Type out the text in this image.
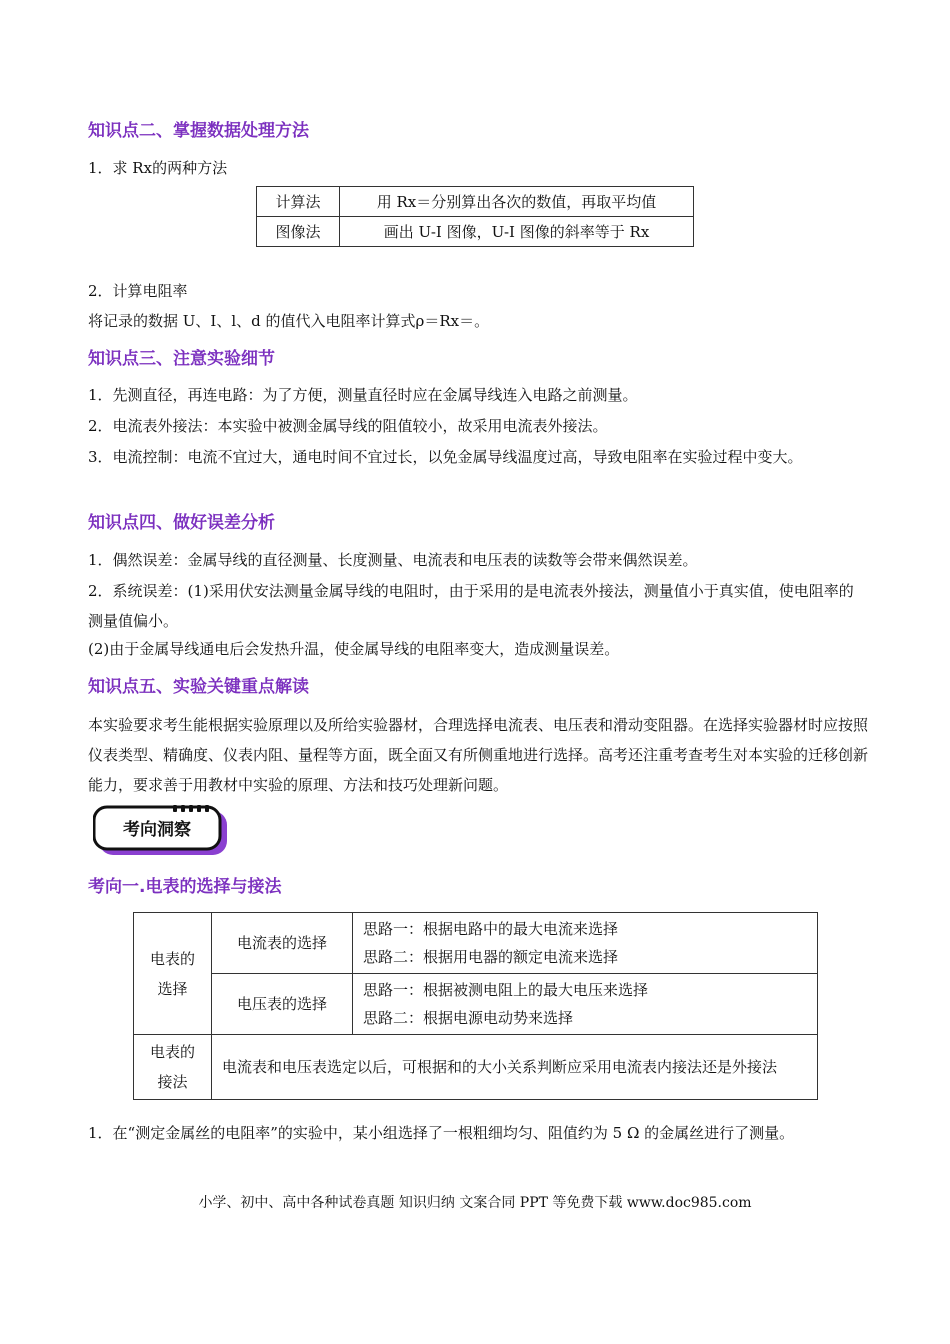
知识点二、掌握数据处理方法
1．求 Rx的两种方法
计算法	用 Rx＝分别算出各次的数值，再取平均值
图像法	画出 U-I 图像，U-I 图像的斜率等于 Rx
2．计算电阻率
将记录的数据 U、I、l、d 的值代入电阻率计算式ρ＝Rx＝。
知识点三、注意实验细节
1．先测直径，再连电路：为了方便，测量直径时应在金属导线连入电路之前测量。
2．电流表外接法：本实验中被测金属导线的阻值较小，故采用电流表外接法。
3．电流控制：电流不宜过大，通电时间不宜过长，以免金属导线温度过高，导致电阻率在实验过程中变大。
知识点四、做好误差分析
1．偶然误差：金属导线的直径测量、长度测量、电流表和电压表的读数等会带来偶然误差。
2．系统误差：(1)采用伏安法测量金属导线的电阻时，由于采用的是电流表外接法，测量值小于真实值，使电阻率的测量值偏小。
(2)由于金属导线通电后会发热升温，使金属导线的电阻率变大，造成测量误差。
知识点五、实验关键重点解读
本实验要求考生能根据实验原理以及所给实验器材，合理选择电流表、电压表和滑动变阻器。在选择实验器材时应按照仪表类型、精确度、仪表内阻、量程等方面，既全面又有所侧重地进行选择。高考还注重考查考生对本实验的迁移创新能力，要求善于用教材中实验的原理、方法和技巧处理新问题。
考向洞察
考向一.电表的选择与接法
电表的选择	电流表的选择	思路一：根据电路中的最大电流来选择
思路二：根据用电器的额定电流来选择

	电压表的选择	思路一：根据被测电阻上的最大电压来选择
思路二：根据电源电动势来选择

电表的接法	电流表和电压表选定以后，可根据和的大小关系判断应采用电流表内接法还是外接法	
1．在“测定金属丝的电阻率”的实验中，某小组选择了一根粗细均匀、阻值约为 5 Ω 的金属丝进行了测量。
小学、初中、高中各种试卷真题 知识归纳 文案合同 PPT 等免费下载 www.doc985.com
